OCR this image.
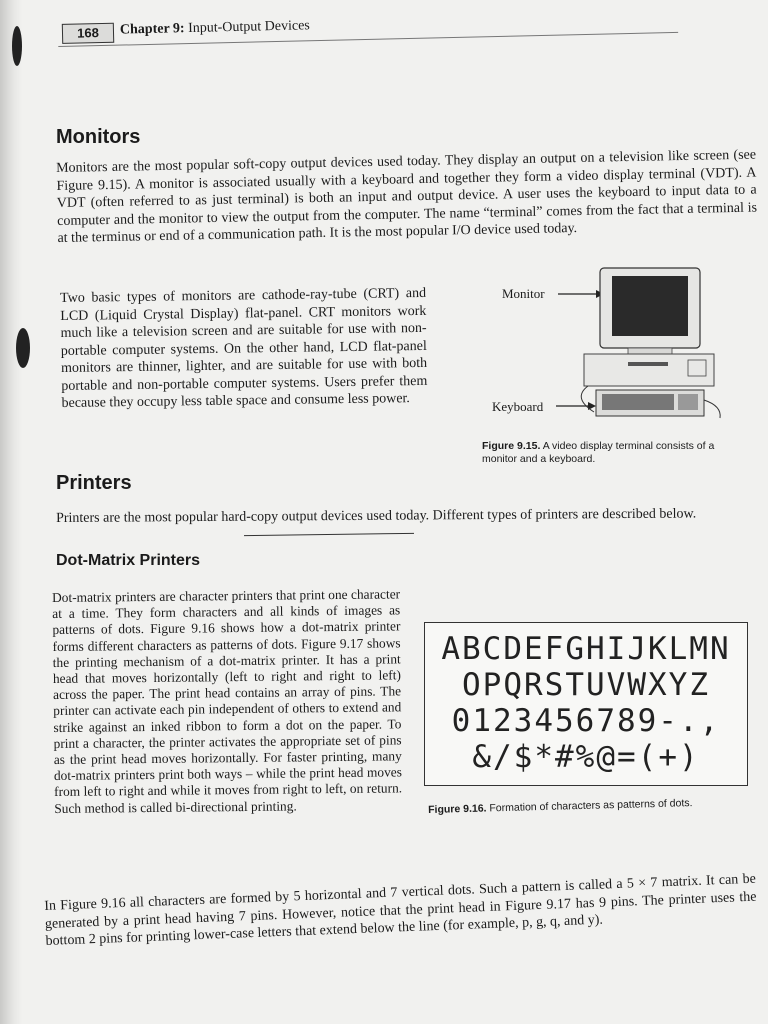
168	Chapter 9: Input-Output Devices
Monitors

Monitors are the most popular soft-copy output devices used today. They display an output on a television like screen (see Figure 9.15). A monitor is associated usually with a keyboard and together they form a video display terminal (VDT). A VDT (often referred to as just terminal) is both an input and output device. A user uses the keyboard to input data to a computer and the monitor to view the output from the computer. The name “terminal” comes from the fact that a terminal is at the terminus or end of a communication path. It is the most popular I/O device used today.

Two basic types of monitors are cathode-ray-tube (CRT) and LCD (Liquid Crystal Display) flat-panel. CRT monitors work much like a television screen and are suitable for use with non-portable computer systems. On the other hand, LCD flat-panel monitors are thinner, lighter, and are suitable for use with both portable and non-portable computer systems. Users prefer them because they occupy less table space and consume less power.

Monitor
Keyboard
Figure 9.15. A video display terminal consists of a monitor and a keyboard.
Printers

Printers are the most popular hard-copy output devices used today. Different types of printers are described below.

Dot-Matrix Printers

Dot-matrix printers are character printers that print one character at a time. They form characters and all kinds of images as patterns of dots. Figure 9.16 shows how a dot-matrix printer forms different characters as patterns of dots. Figure 9.17 shows the printing mechanism of a dot-matrix printer. It has a print head that moves horizontally (left to right and right to left) across the paper. The print head contains an array of pins. The printer can activate each pin independent of others to extend and strike against an inked ribbon to form a dot on the paper. To print a character, the printer activates the appropriate set of pins as the print head moves horizontally. For faster printing, many dot-matrix printers print both ways – while the print head moves from left to right and while it moves from right to left, on return. Such method is called bi-directional printing.

ABCDEFGHIJKLMN
OPQRSTUVWXYZ
0123456789-.,
&/$*#%@=(+)
Figure 9.16. Formation of characters as patterns of dots.

In Figure 9.16 all characters are formed by 5 horizontal and 7 vertical dots. Such a pattern is called a 5 × 7 matrix. It can be generated by a print head having 7 pins. However, notice that the print head in Figure 9.17 has 9 pins. The printer uses the bottom 2 pins for printing lower-case letters that extend below the line (for example, p, g, q, and y).
